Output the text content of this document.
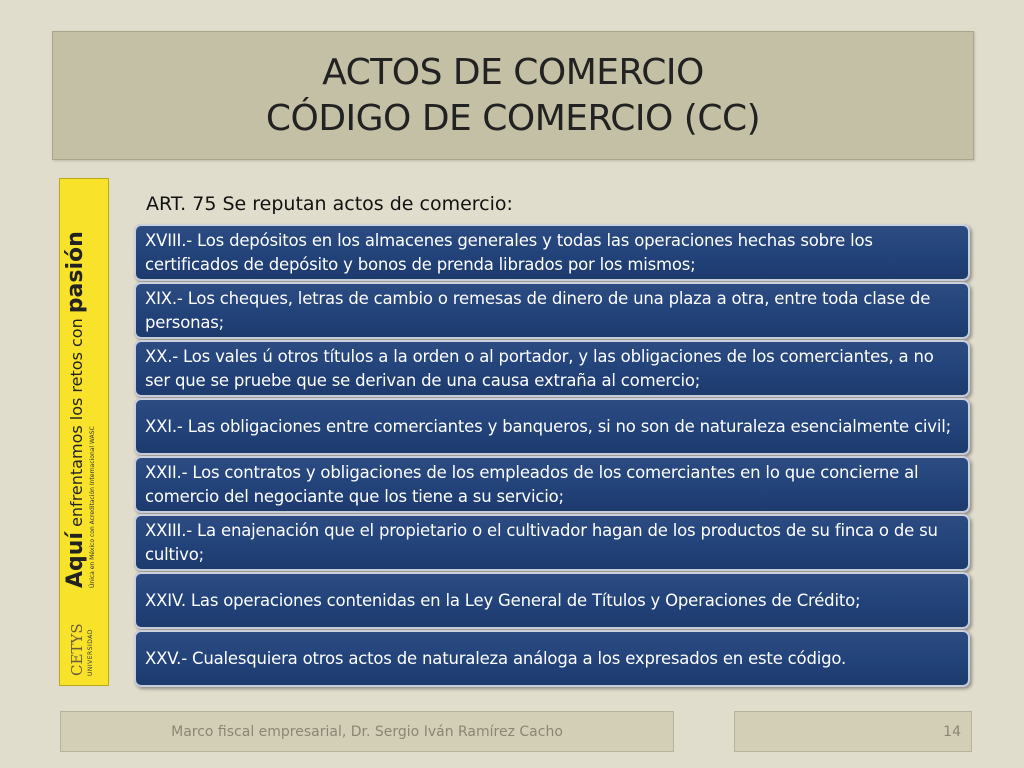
ACTOS DE COMERCIO
CÓDIGO DE COMERCIO (CC)
CETYS UNIVERSIDAD
Aquí enfrentamos los retos con pasión
Única en México con Acreditación Internacional WASC
ART. 75 Se reputan actos de comercio:
XVIII.- Los depósitos en los almacenes generales y todas las operaciones hechas sobre los certificados de depósito y bonos de prenda librados por los mismos;
XIX.- Los cheques, letras de cambio o remesas de dinero de una plaza a otra, entre toda clase de personas;
XX.- Los vales ú otros títulos a la orden o al portador, y las obligaciones de los comerciantes, a no ser que se pruebe que se derivan de una causa extraña al comercio;
XXI.- Las obligaciones entre comerciantes y banqueros, si no son de naturaleza esencialmente civil;
XXII.- Los contratos y obligaciones de los empleados de los comerciantes en lo que concierne al comercio del negociante que los tiene a su servicio;
XXIII.- La enajenación que el propietario o el cultivador hagan de los productos de su finca o de su cultivo;
XXIV. Las operaciones contenidas en la Ley General de Títulos y Operaciones de Crédito;
XXV.- Cualesquiera otros actos de naturaleza análoga a los expresados en este código.
Marco fiscal empresarial, Dr. Sergio Iván Ramírez Cacho	14
